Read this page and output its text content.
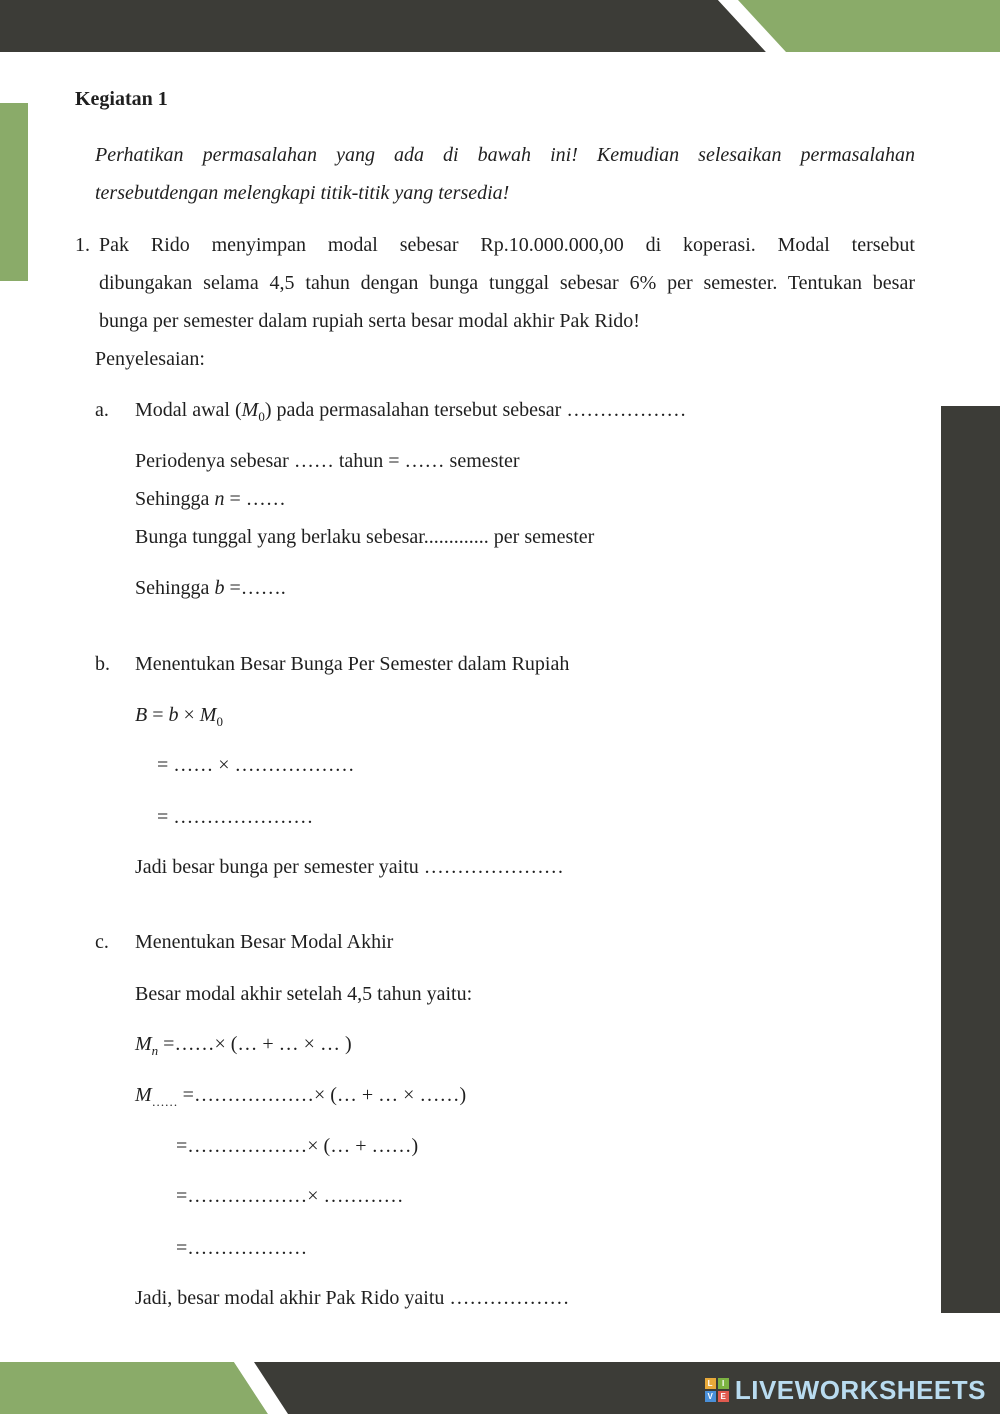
Kegiatan 1
Perhatikan permasalahan yang ada di bawah ini! Kemudian selesaikan permasalahan
tersebutdengan melengkapi titik-titik yang tersedia!
1. Pak Rido menyimpan modal sebesar Rp.10.000.000,00 di koperasi. Modal tersebut
dibungakan selama 4,5 tahun dengan bunga tunggal sebesar 6% per semester. Tentukan besar
bunga per semester dalam rupiah serta besar modal akhir Pak Rido!
Penyelesaian:
a. Modal awal $(M_0)$ pada permasalahan tersebut sebesar ………………
Periodenya sebesar …… tahun = …… semester
Sehingga n = ……
Bunga tunggal yang berlaku sebesar............. per semester
Sehingga b =…….
b. Menentukan Besar Bunga Per Semester dalam Rupiah
$B = b \times M_0$
= …… × ………………
= …………………
Jadi besar bunga per semester yaitu …………………
c. Menentukan Besar Modal Akhir
Besar modal akhir setelah 4,5 tahun yaitu:
$M_n$ =……× (… + … × … )
$M_{\dots\dots}$ =………………× (… + … × ……)
=………………× (… + ……)
=………………× …………
=………………
Jadi, besar modal akhir Pak Rido yaitu ………………
L	I
V E LIVEWORKSHEETS
